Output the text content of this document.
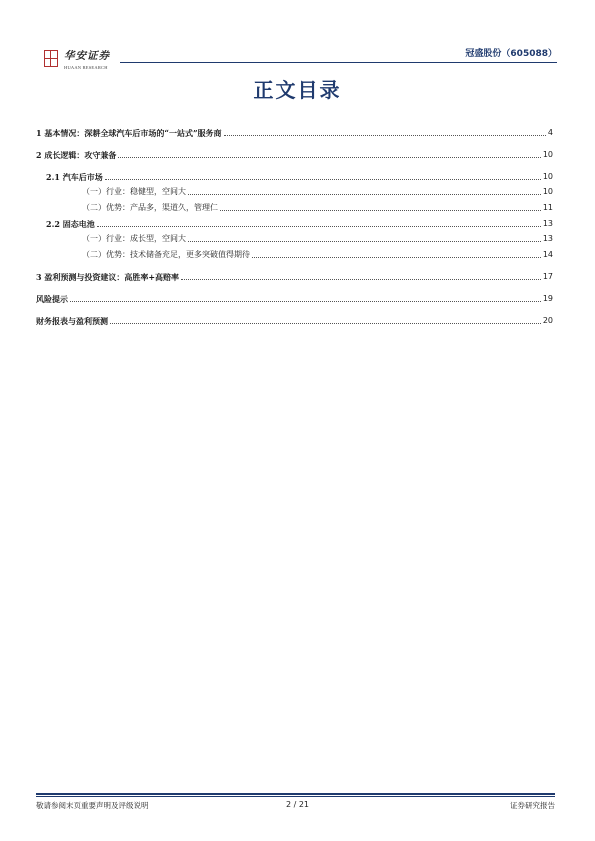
华安证券
HUAAN RESEARCH
冠盛股份（605088）
正文目录
1 基本情况：深耕全球汽车后市场的“一站式”服务商	4
2 成长逻辑：攻守兼备	10
2.1 汽车后市场	10
（一）行业：稳健型，空间大	10
（二）优势：产品多，渠道久，管理仁	11
2.2 固态电池	13
（一）行业：成长型，空间大	13
（二）优势：技术储备充足，更多突破值得期待	14
3 盈利预测与投资建议：高胜率+高赔率	17
风险提示	19
财务报表与盈利预测	20
敬请参阅末页重要声明及评级说明	2 / 21	证券研究报告
